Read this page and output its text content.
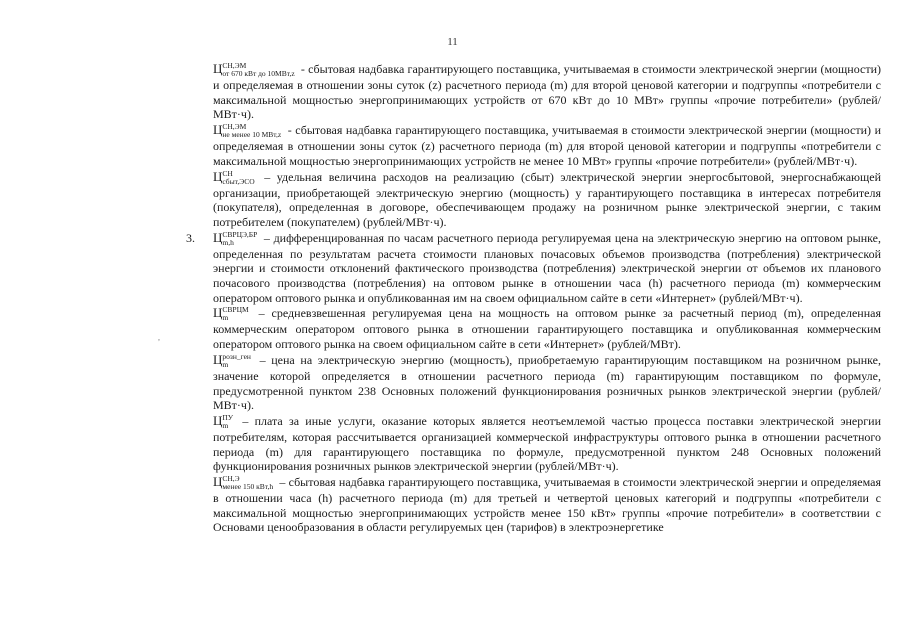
11
,

Ц СН,ЭМ
от 670 кВт до 10МВт,z - сбытовая надбавка гарантирующего поставщика, учитываемая в стоимости электрической энергии (мощности) и определяемая в отношении зоны суток (z) расчетного периода (m) для второй ценовой категории и подгруппы «потребители с максимальной мощностью энергопринимающих устройств от 670 кВт до 10 МВт» группы «прочие потребители» (рублей/МВт·ч).

Ц СН,ЭМ
не менее 10 МВт,z - сбытовая надбавка гарантирующего поставщика, учитываемая в стоимости электрической энергии (мощности) и определяемая в отношении зоны суток (z) расчетного периода (m) для второй ценовой категории и подгруппы «потребители с максимальной мощностью энергопринимающих устройств не менее 10 МВт» группы «прочие потребители» (рублей/МВт·ч).

Ц СН
сбыт,ЭСО – удельная величина расходов на реализацию (сбыт) электрической энергии энергосбытовой, энергоснабжающей организации, приобретающей электрическую энергию (мощность) у гарантирующего поставщика в интересах потребителя (покупателя), определенная в договоре, обеспечивающем продажу на розничном рынке электрической энергии, с таким потребителем (покупателем) (рублей/МВт·ч).

3. Ц СВРЦЭ,БР
m,h	– дифференцированная по часам расчетного периода регулируемая цена на электрическую энергию на оптовом рынке, определенная по результатам расчета стоимости плановых почасовых объемов производства (потребления) электрической энергии и стоимости отклонений фактического производства (потребления) электрической энергии от объемов их планового почасового производства (потребления) на оптовом рынке в отношении часа (h) расчетного периода (m) коммерческим оператором оптового рынка и опубликованная им на своем официальном сайте в сети «Интернет» (рублей/МВт·ч).

Ц СВРЦМ
m	– средневзвешенная регулируемая цена на мощность на оптовом рынке за расчетный период (m), определенная коммерческим оператором оптового рынка в отношении гарантирующего поставщика и опубликованная коммерческим оператором оптового рынка на своем официальном сайте в сети «Интернет» (рублей/МВт).

Ц розн_ген
m	– цена на электрическую энергию (мощность), приобретаемую гарантирующим поставщиком на розничном рынке, значение которой определяется в отношении расчетного периода (m) гарантирующим поставщиком по формуле, предусмотренной пунктом 238 Основных положений функционирования розничных рынков электрической энергии (рублей/МВт·ч).

Ц ПУ
m – плата за иные услуги, оказание которых является неотъемлемой частью процесса поставки электрической энергии потребителям, которая рассчитывается организацией коммерческой инфраструктуры оптового рынка в отношении расчетного периода (m) для гарантирующего поставщика по формуле, предусмотренной пунктом 248 Основных положений функционирования розничных рынков электрической энергии (рублей/МВт·ч).

Ц СН,Э
менее 150 кВт,h – сбытовая надбавка гарантирующего поставщика, учитываемая в стоимости электрической энергии и определяемая в отношении часа (h) расчетного периода (m) для третьей и четвертой ценовых категорий и подгруппы «потребители с максимальной мощностью энергопринимающих устройств менее 150 кВт» группы «прочие потребители» в соответствии с Основами ценообразования в области регулируемых цен (тарифов) в электроэнергетике
